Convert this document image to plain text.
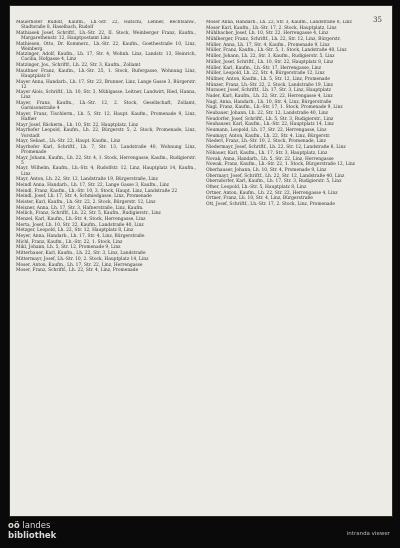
35

Mauerhofer Rudolf, Kaufm., Lh.-Str. 22, Hatschi, Lehner, Rechtsanw., Stadtsraße 8, Haselbach, Rudolf

Mathiasek Josef, Schriftf., Lh.-Str. 22, II. Stock, Weinberger Franz, Kaufm., Margarethenstr. 12, Hauptpostamt Linz

Mathiesen, Otto, Dr. Kommerz., Lh.-Str. 22, Kaufm., Goethestraße 10, Linz, Weinberg.

Matzinger, Adolf, Kaufm., Lh. 17, Str. 4, Wohnh. Linz, Landstr. 13, Heinrich, Cacilia, Hofgasse 4, Linz

Matzinger, Jos., Schriftf., Lh. 22, Str. 3, Kaufm., Zollamt

Mauthner Franz, Kaufm., Lh.-Str. 25, 1. Stock, Rufergasse, Wohnung Linz, Hauptplatz 8

Mayer Anna, Handarb., Lh. 17, Str. 22, Brunner, Linz, Lange Gasse 3, Bürgerstr. 12

Mayer Alois, Schriftf., Lh. 10, Str. 3, Mühlgasse, Leitner, Landwirt, Ried, Hanna, Linz

Mayer, Franz, Kaufm., Lh.-Str. 12, 2. Stock, Gesellschaft, Zollamt, Garnisonstraße 4

Mayer, Franz, Tischlerm., Lh. 5, Str. 12, Haupt. Kaufm., Promenade 9, Linz, Hafner

Mayr Josef, Bäckerm., Lh. 10, Str. 22, Hauptplatz, Linz

Mayrhofer Leopold, Kaufm., Lh. 22, Bürgerstr. 5, 2. Stock, Promenade, Linz, Vorstadt

Mayr, Sebast., Lh.-Str. 22, Haupt. Kaufm., Linz

Mayrhofer Karl, Schriftf., Lh. 7, Str. 13, Landstraße 40, Wohnung Linz, Promenade

Mayr, Johann, Kaufm., Lh. 22, Str. 4, 1. Stock, Herrengasse, Kaufm., Rudigierstr. 5

Mayr, Wilhelm, Kaufm., Lh.-Str. 4, Rudolfstr. 12, Linz, Hauptplatz 14, Kaufm., Linz

Mayr, Anton, Lh. 22, Str. 12, Landstraße 19, Bürgerstraße, Linz

Meindl Anna, Handarb., Lh. 17, Str. 22, Lange Gasse 3, Kaufm., Linz

Meindl, Franz, Kaufm., Lh.-Str. 10, 3. Stock, Haupt. Linz, Landstraße 22

Meindl, Josef, Lh. 17, Str. 4, Schmiedgasse, Linz, Promenade

Meister, Karl, Kaufm., Lh.-Str. 22, 2. Stock, Bürgerstr. 12, Linz

Meixner, Anna, Lh. 17, Str. 3, Hafnerstraße, Linz, Kaufm.

Mellich, Franz, Schriftf., Lh. 22, Str. 5, Kaufm., Rudigierstr., Linz

Menzel, Karl, Kaufm., Lh.-Str. 4, Stock, Herrengasse, Linz

Merta, Josef, Lh. 10, Str. 22, Kaufm., Landstraße 40, Linz

Metzger, Leopold, Lh. 22, Str. 12, Hauptplatz 8, Linz

Meyer, Anna, Handarb., Lh. 17, Str. 4, Linz, Bürgerstraße

Michl, Franz, Kaufm., Lh.-Str. 22, 1. Stock, Linz

Mikl, Johann, Lh. 5, Str. 12, Promenade 9, Linz

Mitterbauer, Karl, Kaufm., Lh. 22, Str. 3, Linz, Landstraße

Mittermayr, Josef, Lh.-Str. 10, 2. Stock, Hauptplatz 14, Linz

Moser, Anton, Kaufm., Lh. 17, Str. 22, Linz, Herrengasse

Moser, Franz, Schriftf., Lh. 22, Str. 4, Linz, Promenade

Moser Anna, Handarb., Lh. 22, Str. 3, Kaufm., Landstraße 8, Linz

Moser Karl, Kaufm., Lh.-Str. 17, 2. Stock, Hauptplatz, Linz

Mühlbacher, Josef, Lh. 10, Str. 22, Herrengasse 4, Linz

Mühlberger, Franz, Schriftf., Lh. 22, Str. 12, Linz, Bürgerstr.

Müller, Anna, Lh. 17, Str. 4, Kaufm., Promenade 9, Linz

Müller, Franz, Kaufm., Lh.-Str. 5, 1. Stock, Landstraße 40, Linz

Müller, Johann, Lh. 22, Str. 3, Kaufm., Rudigierstr. 5, Linz

Müller, Josef, Schriftf., Lh. 10, Str. 22, Hauptplatz 8, Linz

Müller, Karl, Kaufm., Lh.-Str. 17, Herrengasse, Linz

Müller, Leopold, Lh. 22, Str. 4, Bürgerstraße 12, Linz

Müllner, Anton, Kaufm., Lh. 5, Str. 12, Linz, Promenade

Münzer, Franz, Lh.-Str. 22, 2. Stock, Landstraße 19, Linz

Murauer, Josef, Schriftf., Lh. 17, Str. 3, Linz, Hauptplatz

Nader, Karl, Kaufm., Lh. 22, Str. 22, Herrengasse 4, Linz

Nagl, Anna, Handarb., Lh. 10, Str. 4, Linz, Bürgerstraße

Nagl, Franz, Kaufm., Lh.-Str. 17, 1. Stock, Promenade 9, Linz

Neubauer, Johann, Lh. 22, Str. 12, Landstraße 40, Linz

Neudorfer, Josef, Schriftf., Lh. 5, Str. 3, Rudigierstr., Linz

Neuhauser, Karl, Kaufm., Lh.-Str. 22, Hauptplatz 14, Linz

Neumann, Leopold, Lh. 17, Str. 22, Herrengasse, Linz

Neumayr, Anton, Kaufm., Lh. 22, Str. 4, Linz, Bürgerstr.

Niederl, Franz, Lh.-Str. 10, 2. Stock, Promenade, Linz

Niedermayr, Josef, Schriftf., Lh. 22, Str. 12, Landstraße 8, Linz

Nöbauer, Karl, Kaufm., Lh. 17, Str. 3, Hauptplatz, Linz

Novak, Anna, Handarb., Lh. 5, Str. 22, Linz, Herrengasse

Nowak, Franz, Kaufm., Lh.-Str. 22, 1. Stock, Bürgerstraße 12, Linz

Oberhauser, Johann, Lh. 10, Str. 4, Promenade 9, Linz

Obermayr, Josef, Schriftf., Lh. 22, Str. 12, Landstraße 40, Linz

Oberndorfer, Karl, Kaufm., Lh. 17, Str. 3, Rudigierstr. 5, Linz

Ofner, Leopold, Lh.-Str. 5, Hauptplatz 8, Linz

Ortner, Anton, Kaufm., Lh. 22, Str. 22, Herrengasse 4, Linz

Ortner, Franz, Lh. 10, Str. 4, Linz, Bürgerstraße

Ott, Josef, Schriftf., Lh.-Str. 17, 2. Stock, Linz, Promenade

oö landes
bibliothek	intranda viewer
